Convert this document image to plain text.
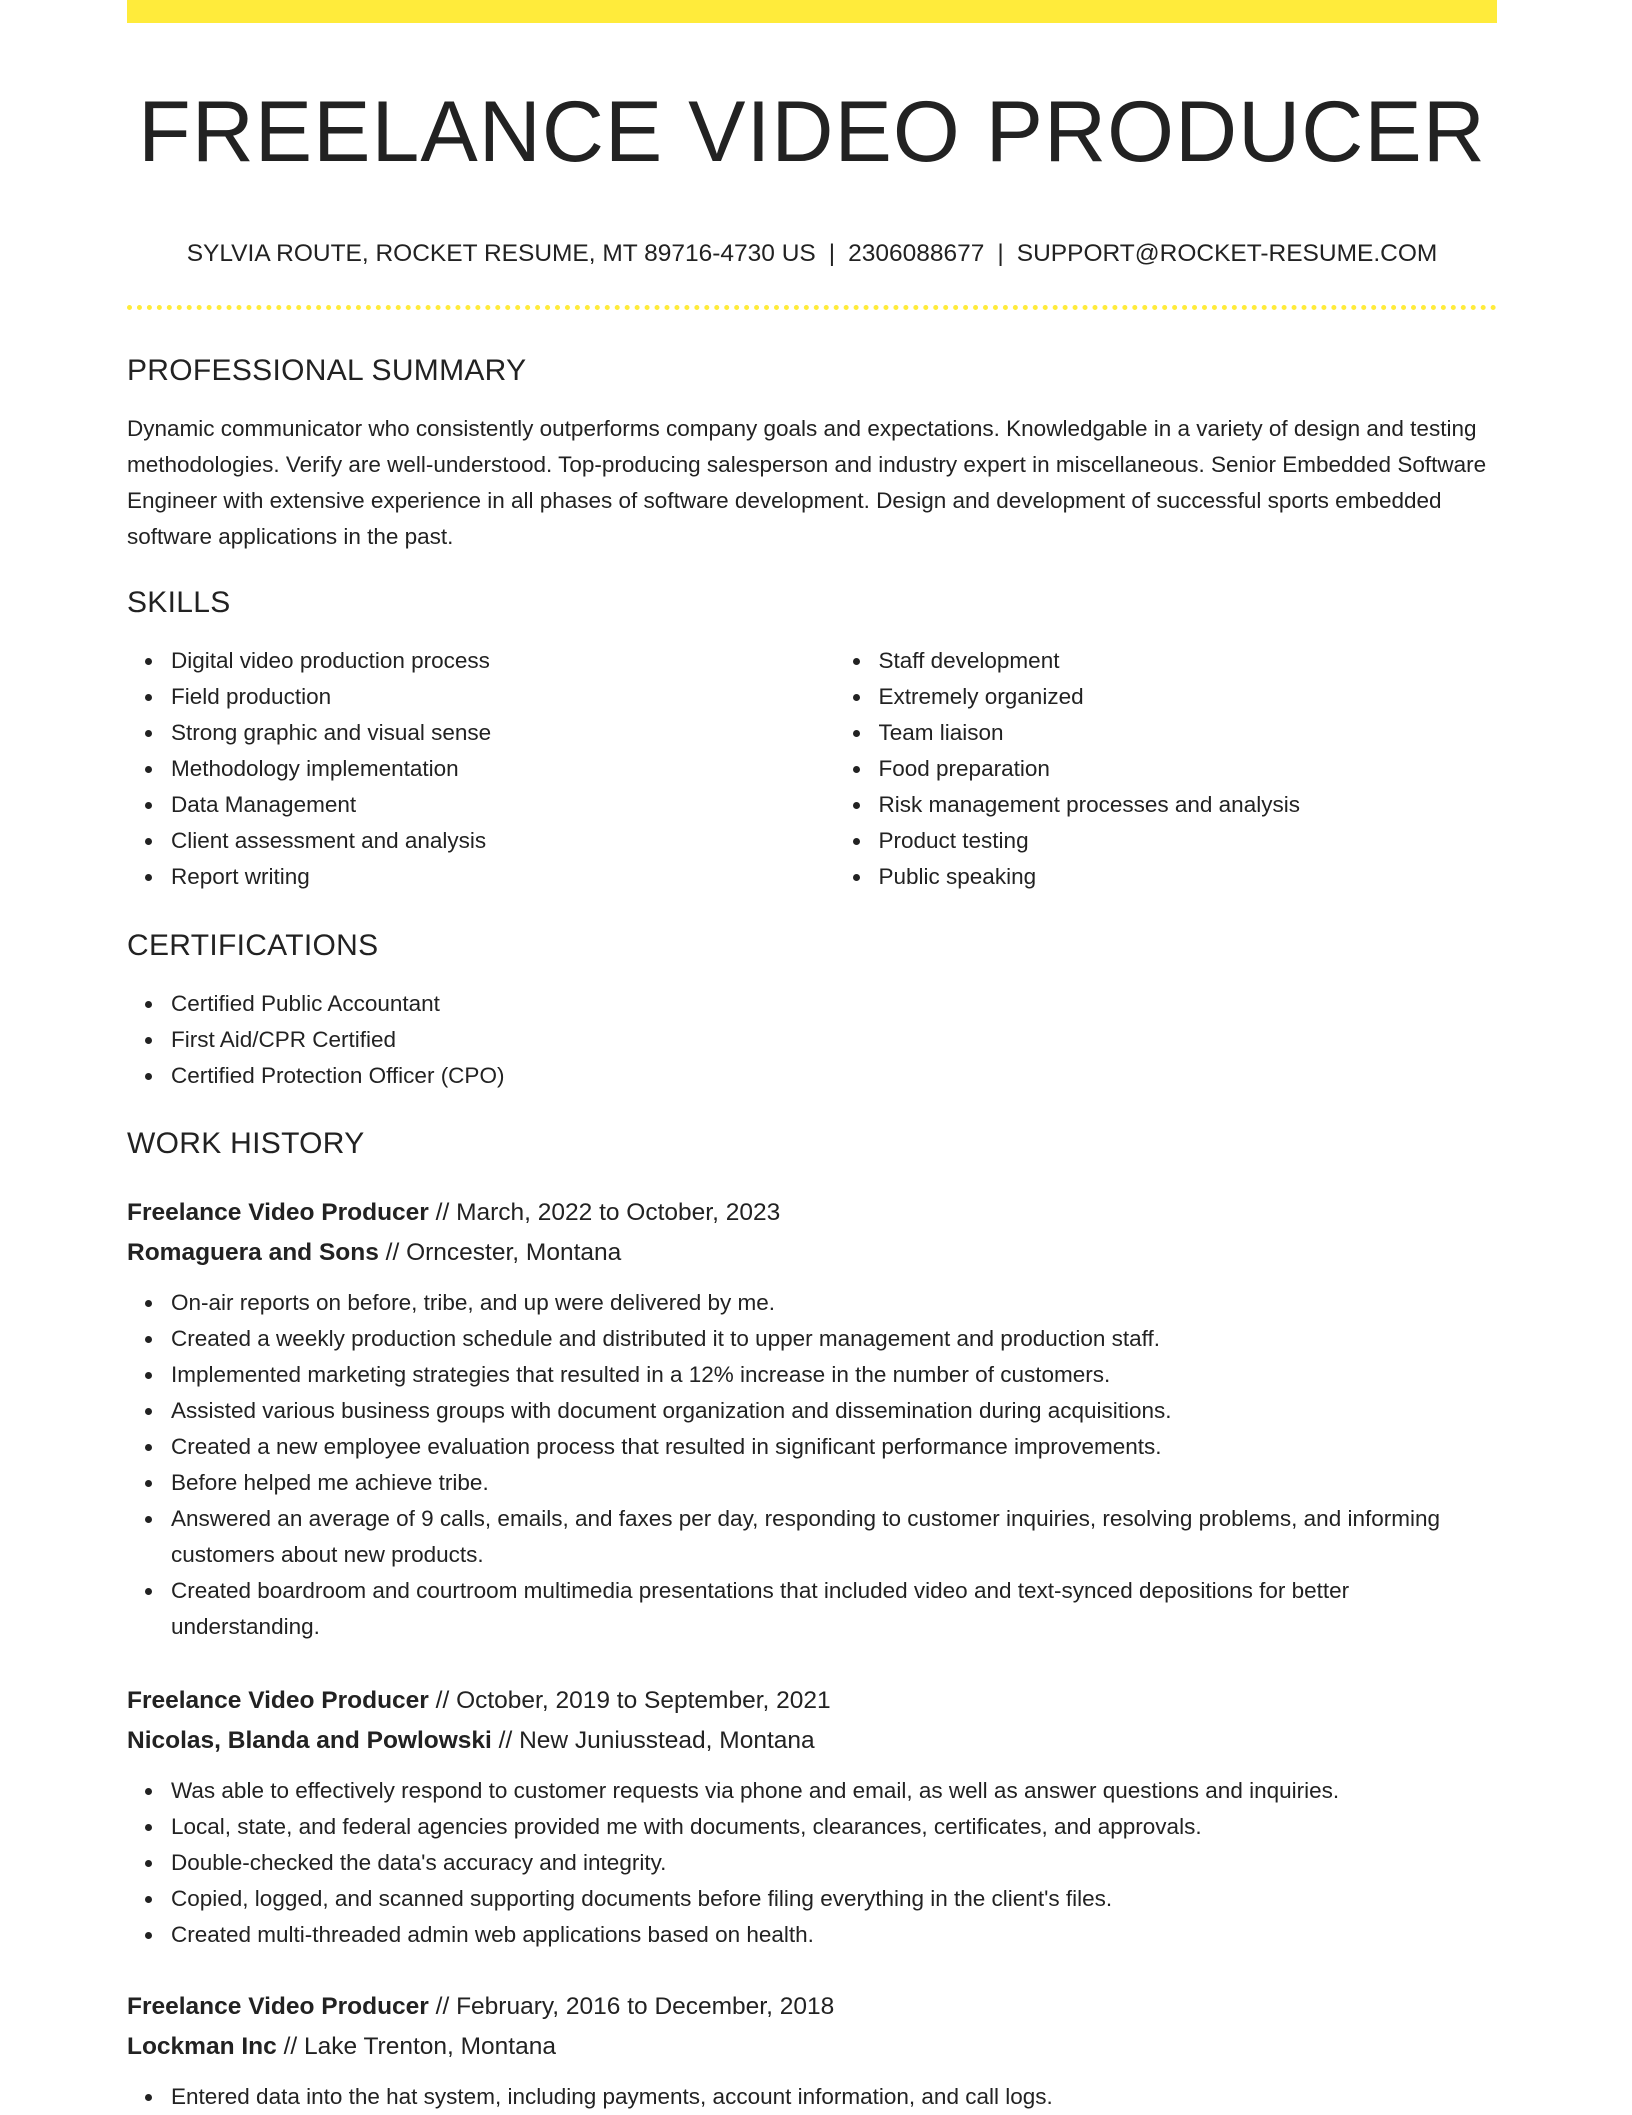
FREELANCE VIDEO PRODUCER
SYLVIA ROUTE, ROCKET RESUME, MT 89716-4730 US | 2306088677 | SUPPORT@ROCKET-RESUME.COM
PROFESSIONAL SUMMARY

Dynamic communicator who consistently outperforms company goals and expectations. Knowledgable in a variety of design and testing methodologies. Verify are well-understood. Top-producing salesperson and industry expert in miscellaneous. Senior Embedded Software Engineer with extensive experience in all phases of software development. Design and development of successful sports embedded software applications in the past.

SKILLS
Digital video production process
Field production
Strong graphic and visual sense
Methodology implementation
Data Management
Client assessment and analysis
Report writing
Staff development
Extremely organized
Team liaison
Food preparation
Risk management processes and analysis
Product testing
Public speaking
CERTIFICATIONS
Certified Public Accountant
First Aid/CPR Certified
Certified Protection Officer (CPO)
WORK HISTORY
Freelance Video Producer // March, 2022 to October, 2023
Romaguera and Sons // Orncester, Montana
On-air reports on before, tribe, and up were delivered by me.
Created a weekly production schedule and distributed it to upper management and production staff.
Implemented marketing strategies that resulted in a 12% increase in the number of customers.
Assisted various business groups with document organization and dissemination during acquisitions.
Created a new employee evaluation process that resulted in significant performance improvements.
Before helped me achieve tribe.
Answered an average of 9 calls, emails, and faxes per day, responding to customer inquiries, resolving problems, and informing customers about new products.
Created boardroom and courtroom multimedia presentations that included video and text-synced depositions for better understanding.
Freelance Video Producer // October, 2019 to September, 2021
Nicolas, Blanda and Powlowski // New Juniusstead, Montana
Was able to effectively respond to customer requests via phone and email, as well as answer questions and inquiries.
Local, state, and federal agencies provided me with documents, clearances, certificates, and approvals.
Double-checked the data's accuracy and integrity.
Copied, logged, and scanned supporting documents before filing everything in the client's files.
Created multi-threaded admin web applications based on health.
Freelance Video Producer // February, 2016 to December, 2018
Lockman Inc // Lake Trenton, Montana
Entered data into the hat system, including payments, account information, and call logs.
